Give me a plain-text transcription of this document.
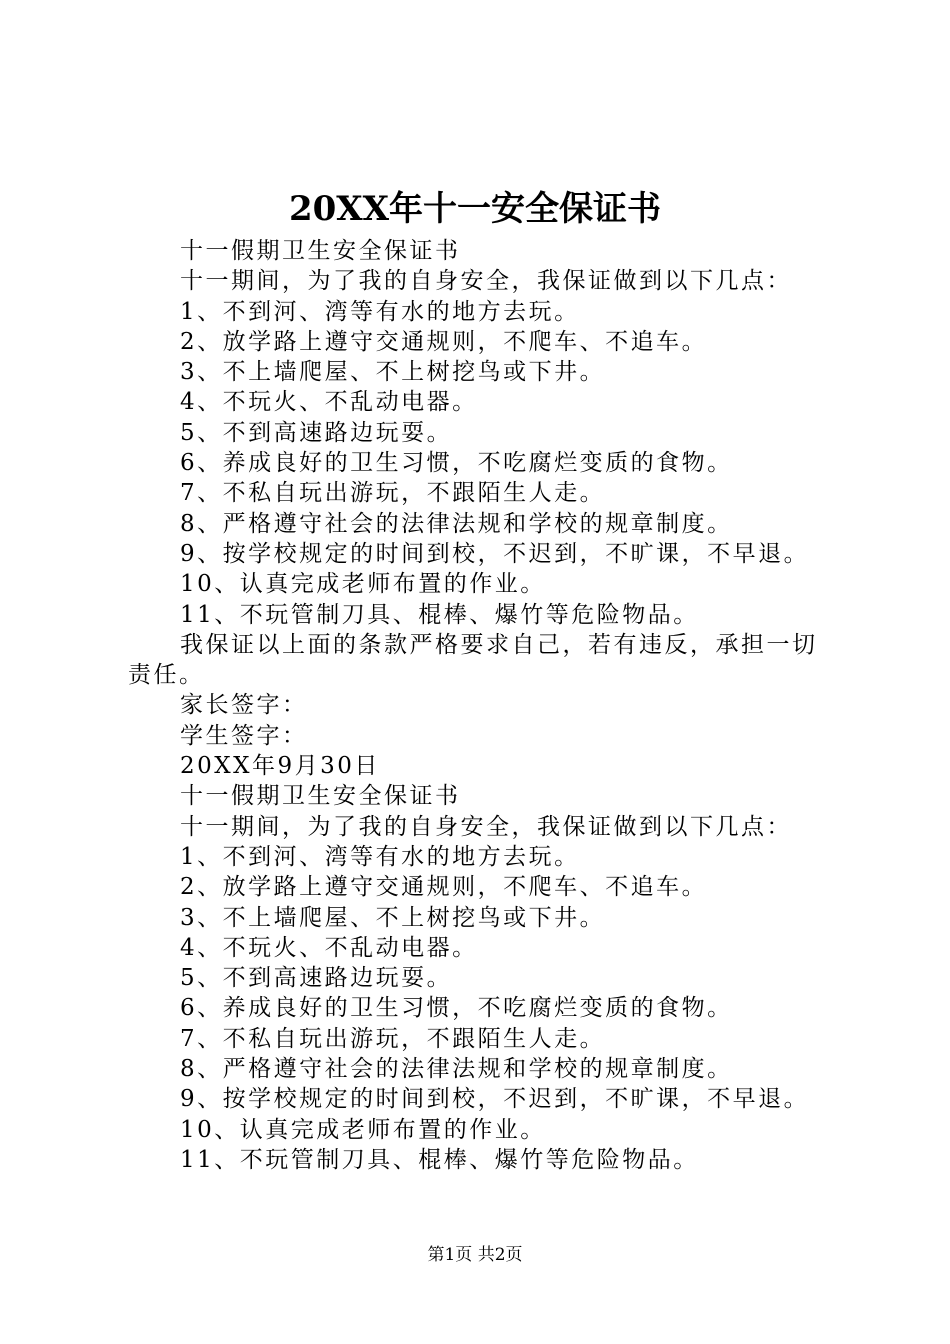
20XX年十一安全保证书
十一假期卫生安全保证书
十一期间，为了我的自身安全，我保证做到以下几点：
1、不到河、湾等有水的地方去玩。
2、放学路上遵守交通规则，不爬车、不追车。
3、不上墙爬屋、不上树挖鸟或下井。
4、不玩火、不乱动电器。
5、不到高速路边玩耍。
6、养成良好的卫生习惯，不吃腐烂变质的食物。
7、不私自玩出游玩，不跟陌生人走。
8、严格遵守社会的法律法规和学校的规章制度。
9、按学校规定的时间到校，不迟到，不旷课，不早退。
10、认真完成老师布置的作业。
11、不玩管制刀具、棍棒、爆竹等危险物品。
我保证以上面的条款严格要求自己，若有违反，承担一切责任。
家长签字：
学生签字：
20XX年9月30日
十一假期卫生安全保证书
十一期间，为了我的自身安全，我保证做到以下几点：
1、不到河、湾等有水的地方去玩。
2、放学路上遵守交通规则，不爬车、不追车。
3、不上墙爬屋、不上树挖鸟或下井。
4、不玩火、不乱动电器。
5、不到高速路边玩耍。
6、养成良好的卫生习惯，不吃腐烂变质的食物。
7、不私自玩出游玩，不跟陌生人走。
8、严格遵守社会的法律法规和学校的规章制度。
9、按学校规定的时间到校，不迟到，不旷课，不早退。
10、认真完成老师布置的作业。
11、不玩管制刀具、棍棒、爆竹等危险物品。
第1页 共2页
